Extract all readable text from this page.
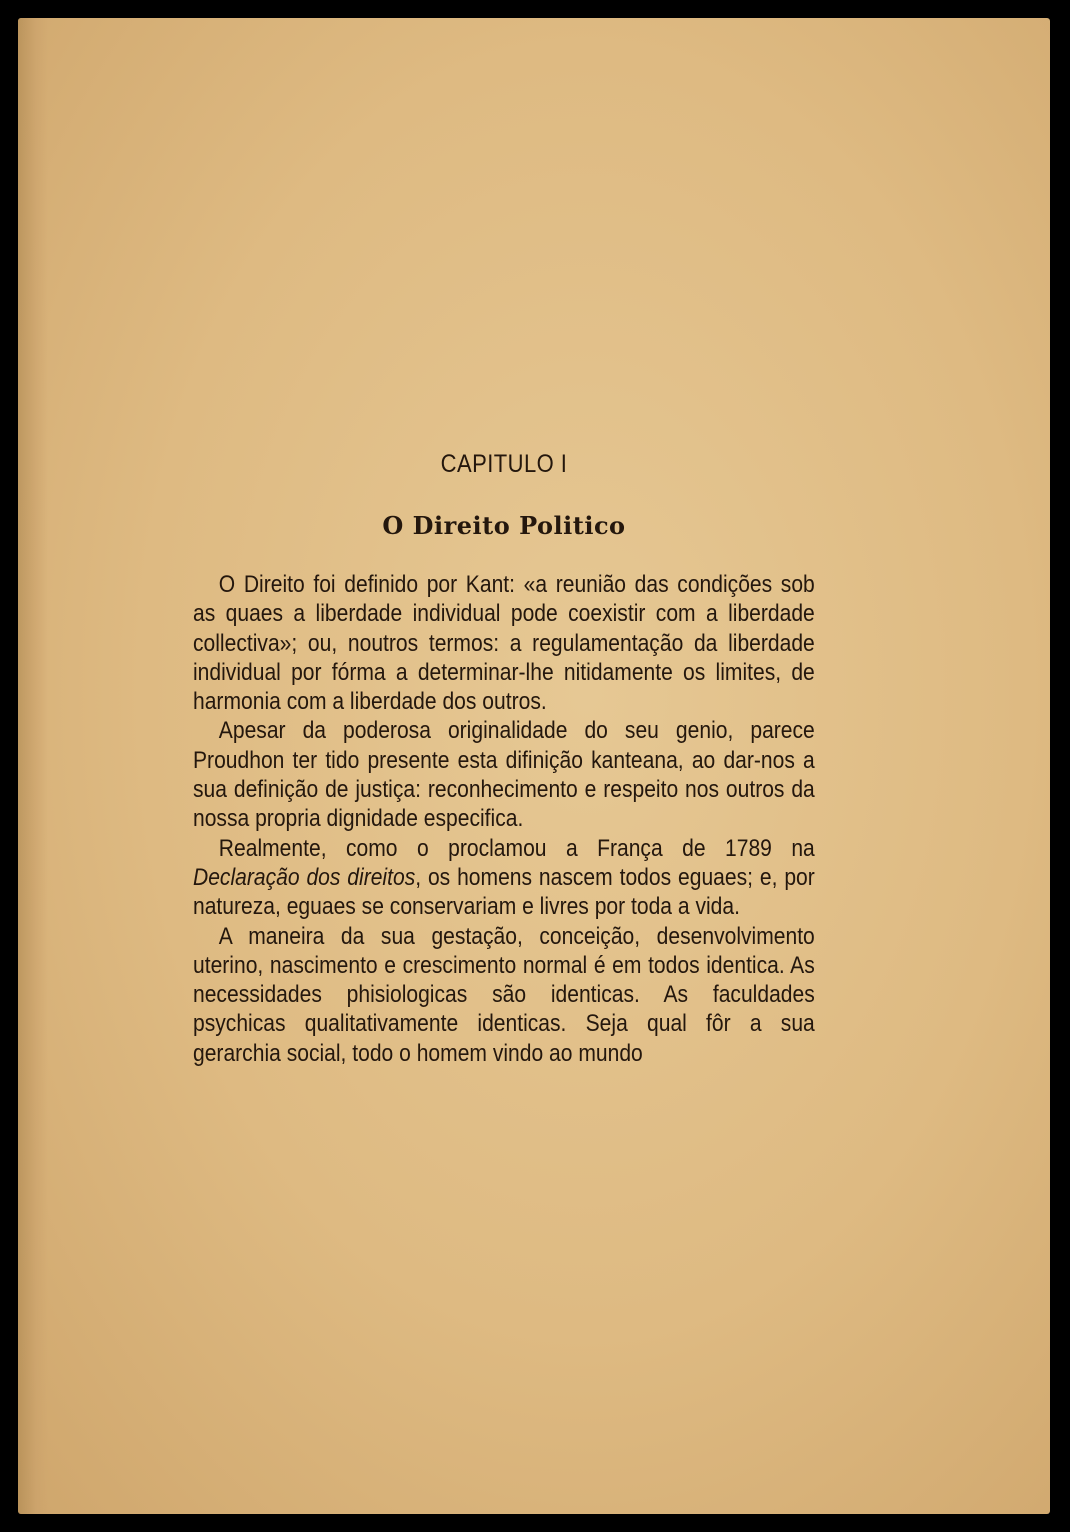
CAPITULO I
O Direito Politico

O Direito foi definido por Kant: «a reunião das condições sob as quaes a liberdade individual pode coexistir com a liberdade collectiva»; ou, noutros termos: a regulamentação da liberdade individual por fórma a determinar-lhe nitidamente os limites, de harmonia com a liberdade dos outros.

Apesar da poderosa originalidade do seu genio, parece Proudhon ter tido presente esta difinição kanteana, ao dar-nos a sua definição de justiça: reconhecimento e respeito nos outros da nossa propria dignidade especifica.

Realmente, como o proclamou a França de 1789 na Declaração dos direitos, os homens nascem todos eguaes; e, por natureza, eguaes se conservariam e livres por toda a vida.

A maneira da sua gestação, conceição, desenvolvimento uterino, nascimento e crescimento normal é em todos identica. As necessidades phisiologicas são identicas. As faculdades psychicas qualitativamente identicas. Seja qual fôr a sua gerarchia social, todo o homem vindo ao mundo
